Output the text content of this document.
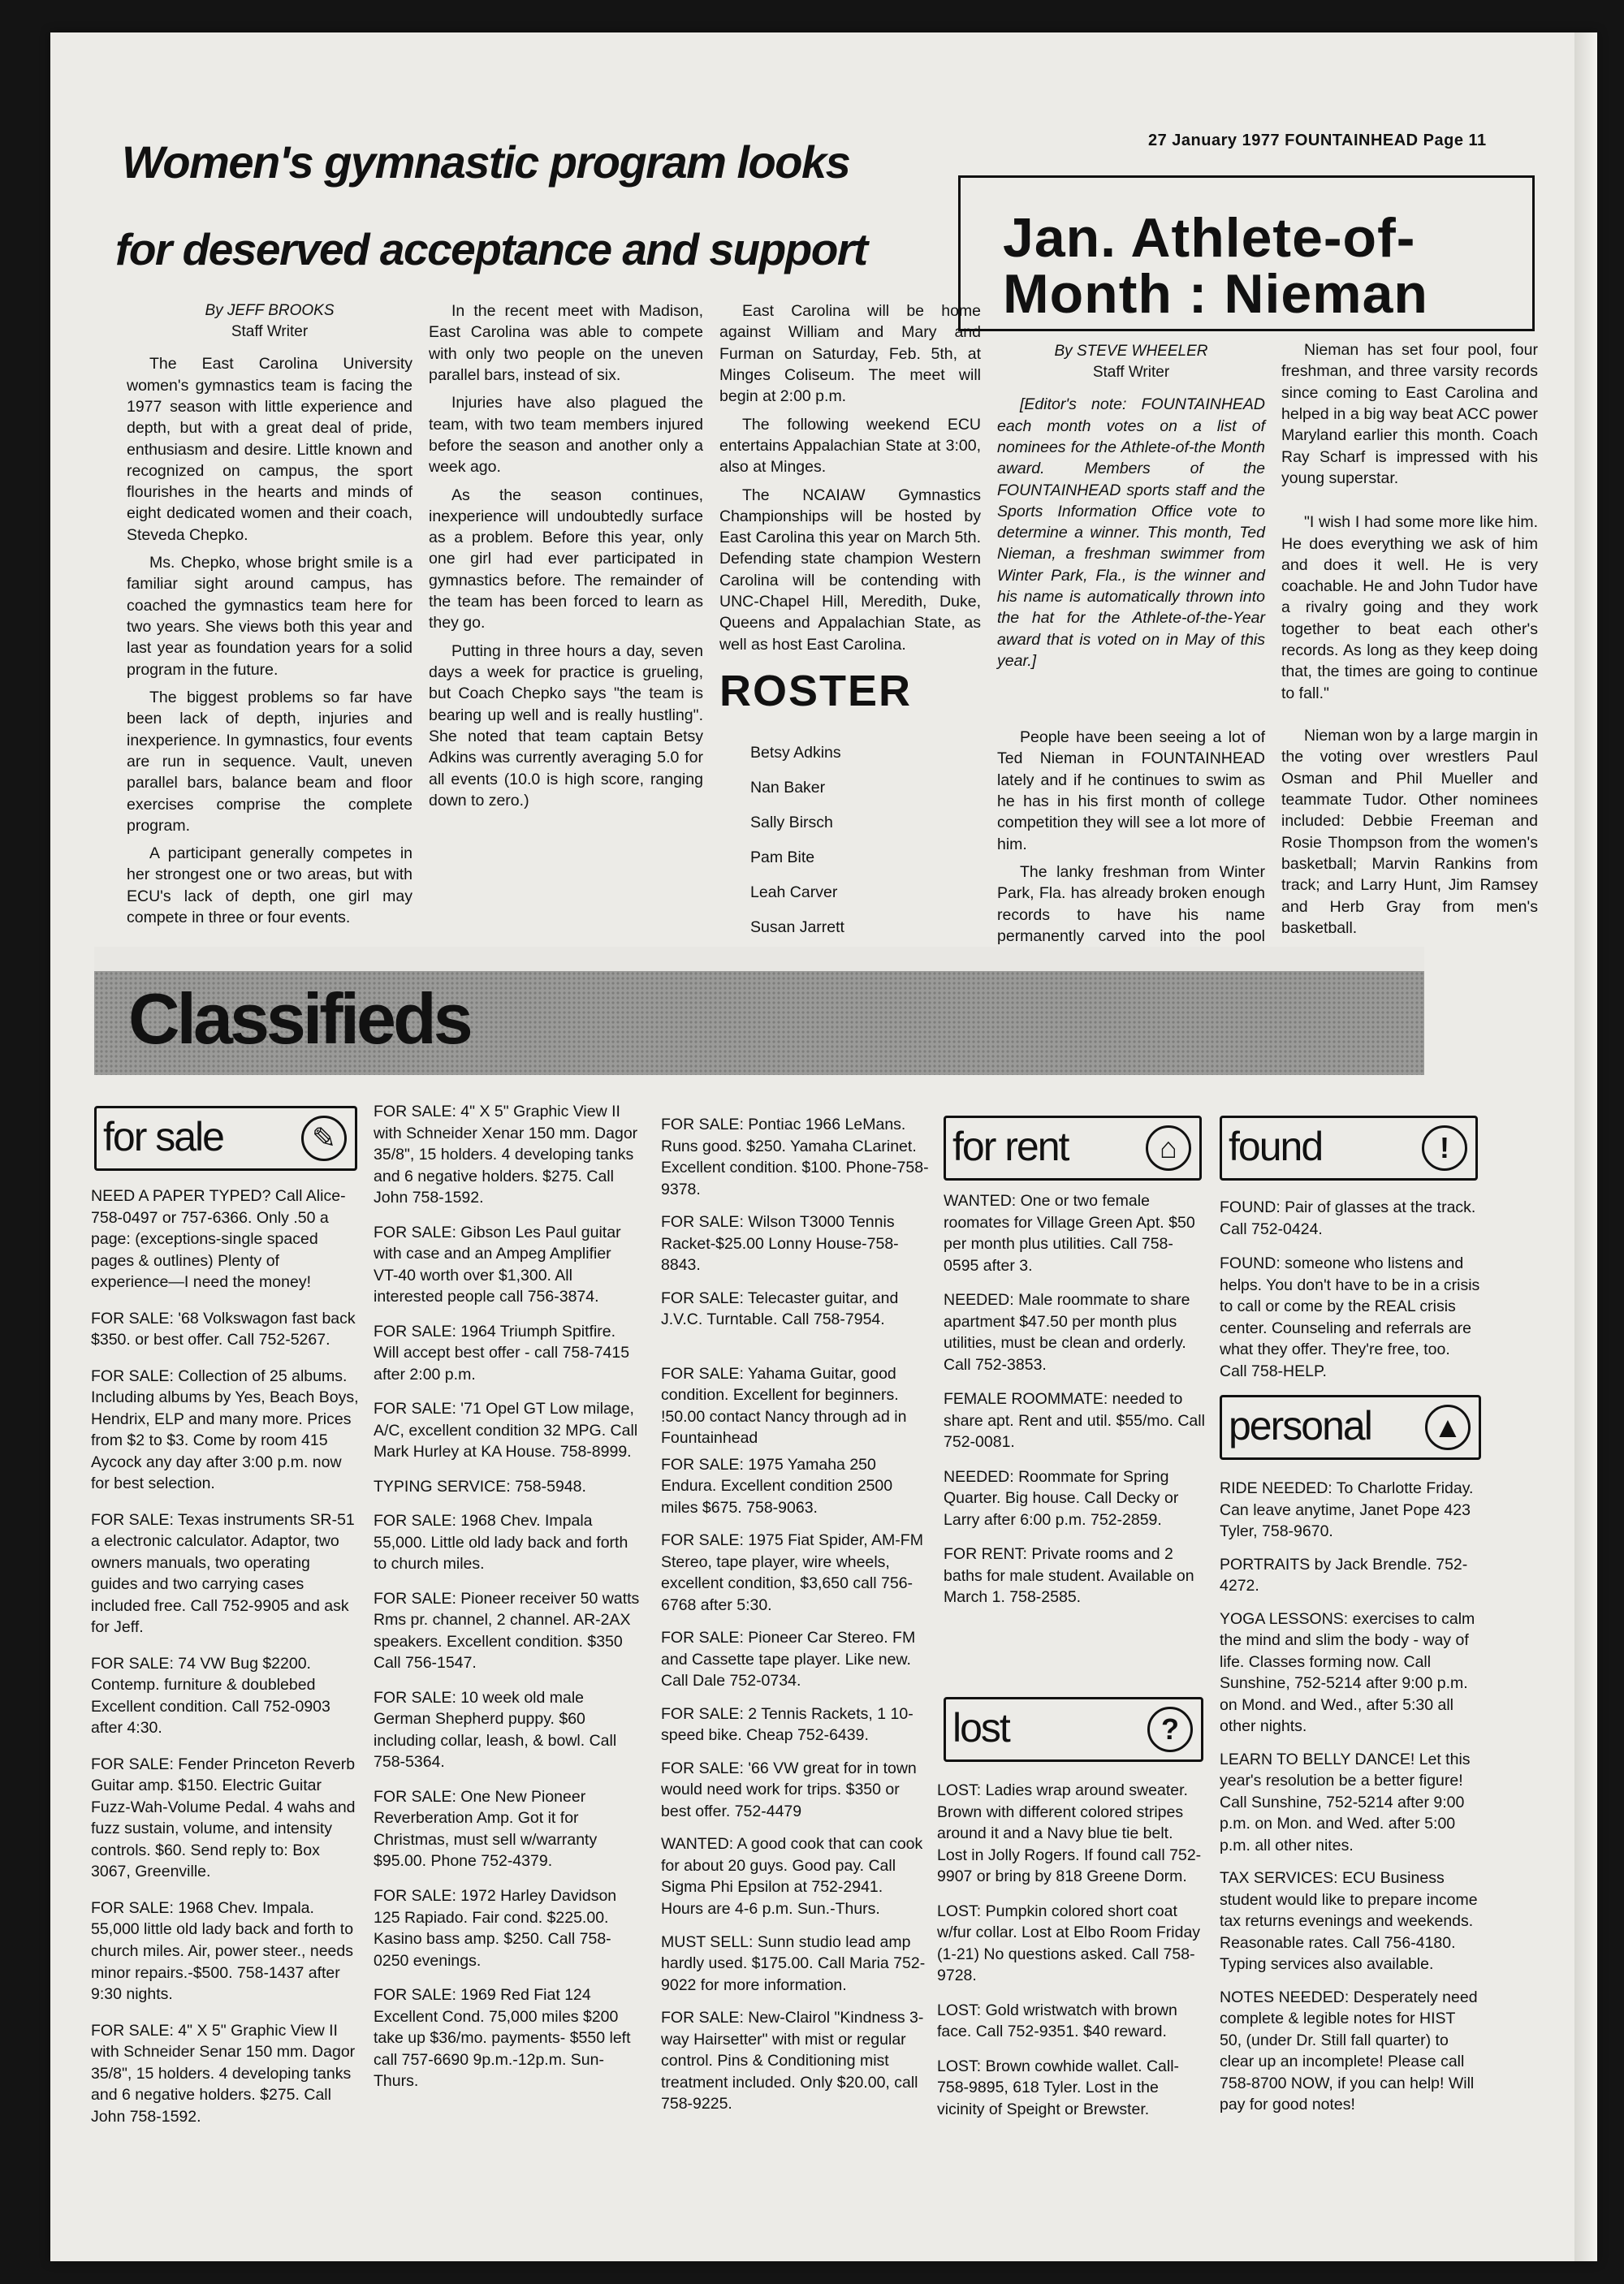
27 January 1977 FOUNTAINHEAD Page 11

Women's gymnastic program looks
for deserved acceptance and support	Jan. Athlete-of-
Month : Nieman
By JEFF BROOKS
Staff Writer

The East Carolina University women's gymnastics team is facing the 1977 season with little experience and depth, but with a great deal of pride, enthusiasm and desire. Little known and recognized on campus, the sport flourishes in the hearts and minds of eight dedicated women and their coach, Steveda Chepko.

Ms. Chepko, whose bright smile is a familiar sight around campus, has coached the gymnastics team here for two years. She views both this year and last year as foundation years for a solid program in the future.

The biggest problems so far have been lack of depth, injuries and inexperience. In gymnastics, four events are run in sequence. Vault, uneven parallel bars, balance beam and floor exercises comprise the complete program.

A participant generally competes in her strongest one or two areas, but with ECU's lack of depth, one girl may compete in three or four events.

In the recent meet with Madison, East Carolina was able to compete with only two people on the uneven parallel bars, instead of six.

Injuries have also plagued the team, with two team members injured before the season and another only a week ago.

As the season continues, inexperience will undoubtedly surface as a problem. Before this year, only one girl had ever participated in gymnastics before. The remainder of the team has been forced to learn as they go.

Putting in three hours a day, seven days a week for practice is grueling, but Coach Chepko says "the team is bearing up well and is really hustling". She noted that team captain Betsy Adkins was currently averaging 5.0 for all events (10.0 is high score, ranging down to zero.)

East Carolina will be home against William and Mary and Furman on Saturday, Feb. 5th, at Minges Coliseum. The meet will begin at 2:00 p.m.

The following weekend ECU entertains Appalachian State at 3:00, also at Minges.

The NCAIAW Gymnastics Championships will be hosted by East Carolina this year on March 5th. Defending state champion Western Carolina will be contending with UNC-Chapel Hill, Meredith, Duke, Queens and Appalachian State, as well as host East Carolina.

ROSTER
Betsy Adkins
Nan Baker
Sally Birsch
Pam Bite
Leah Carver
Susan Jarrett
By STEVE WHEELER
Staff Writer

[Editor's note: FOUNTAINHEAD each month votes on a list of nominees for the Athlete-of-the Month award. Members of the FOUNTAINHEAD sports staff and the Sports Information Office vote to determine a winner. This month, Ted Nieman, a freshman swimmer from Winter Park, Fla., is the winner and his name is automatically thrown into the hat for the Athlete-of-the-Year award that is voted on in May of this year.]

People have been seeing a lot of Ted Nieman in FOUNTAINHEAD lately and if he continues to swim as he has in his first month of college competition they will see a lot more of him.

The lanky freshman from Winter Park, Fla. has already broken enough records to have his name permanently carved into the pool

Nieman has set four pool, four freshman, and three varsity records since coming to East Carolina and helped in a big way beat ACC power Maryland earlier this month. Coach Ray Scharf is impressed with his young superstar.

"I wish I had some more like him. He does everything we ask of him and does it well. He is very coachable. He and John Tudor have a rivalry going and they work together to beat each other's records. As long as they keep doing that, the times are going to continue to fall."

Nieman won by a large margin in the voting over wrestlers Paul Osman and Phil Mueller and teammate Tudor. Other nominees included: Debbie Freeman and Rosie Thompson from the women's basketball; Marvin Rankins from track; and Larry Hunt, Jim Ramsey and Herb Gray from men's basketball.

Classifieds
for sale	✎

NEED A PAPER TYPED? Call Alice-758-0497 or 757-6366. Only .50 a page: (exceptions-single spaced pages & outlines) Plenty of experience—I need the money!

FOR SALE: '68 Volkswagon fast back $350. or best offer. Call 752-5267.

FOR SALE: Collection of 25 albums. Including albums by Yes, Beach Boys, Hendrix, ELP and many more. Prices from $2 to $3. Come by room 415 Aycock any day after 3:00 p.m. now for best selection.

FOR SALE: Texas instruments SR-51 a electronic calculator. Adaptor, two owners manuals, two operating guides and two carrying cases included free. Call 752-9905 and ask for Jeff.

FOR SALE: 74 VW Bug $2200. Contemp. furniture & doublebed Excellent condition. Call 752-0903 after 4:30.

FOR SALE: Fender Princeton Reverb Guitar amp. $150. Electric Guitar Fuzz-Wah-Volume Pedal. 4 wahs and fuzz sustain, volume, and intensity controls. $60. Send reply to: Box 3067, Greenville.

FOR SALE: 1968 Chev. Impala. 55,000 little old lady back and forth to church miles. Air, power steer., needs minor repairs.-$500. 758-1437 after 9:30 nights.

FOR SALE: 4" X 5" Graphic View II with Schneider Senar 150 mm. Dagor 35/8", 15 holders. 4 developing tanks and 6 negative holders. $275. Call John 758-1592.

FOR SALE: 4" X 5" Graphic View II with Schneider Xenar 150 mm. Dagor 35/8", 15 holders. 4 developing tanks and 6 negative holders. $275. Call John 758-1592.

FOR SALE: Gibson Les Paul guitar with case and an Ampeg Amplifier VT-40 worth over $1,300. All interested people call 756-3874.

FOR SALE: 1964 Triumph Spitfire. Will accept best offer - call 758-7415 after 2:00 p.m.

FOR SALE: '71 Opel GT Low milage, A/C, excellent condition 32 MPG. Call Mark Hurley at KA House. 758-8999.

TYPING SERVICE: 758-5948.

FOR SALE: 1968 Chev. Impala 55,000. Little old lady back and forth to church miles.

FOR SALE: Pioneer receiver 50 watts Rms pr. channel, 2 channel. AR-2AX speakers. Excellent condition. $350 Call 756-1547.

FOR SALE: 10 week old male German Shepherd puppy. $60 including collar, leash, & bowl. Call 758-5364.

FOR SALE: One New Pioneer Reverberation Amp. Got it for Christmas, must sell w/warranty $95.00. Phone 752-4379.

FOR SALE: 1972 Harley Davidson 125 Rapiado. Fair cond. $225.00. Kasino bass amp. $250. Call 758-0250 evenings.

FOR SALE: 1969 Red Fiat 124 Excellent Cond. 75,000 miles $200 take up $36/mo. payments- $550 left call 757-6690 9p.m.-12p.m. Sun-Thurs.

FOR SALE: Pontiac 1966 LeMans. Runs good. $250. Yamaha CLarinet. Excellent condition. $100. Phone-758-9378.

FOR SALE: Wilson T3000 Tennis Racket-$25.00 Lonny House-758-8843.

FOR SALE: Telecaster guitar, and J.V.C. Turntable. Call 758-7954.

FOR SALE: Yahama Guitar, good condition. Excellent for beginners. !50.00 contact Nancy through ad in Fountainhead

FOR SALE: 1975 Yamaha 250 Endura. Excellent condition 2500 miles $675. 758-9063.

FOR SALE: 1975 Fiat Spider, AM-FM Stereo, tape player, wire wheels, excellent condition, $3,650 call 756-6768 after 5:30.

FOR SALE: Pioneer Car Stereo. FM and Cassette tape player. Like new. Call Dale 752-0734.

FOR SALE: 2 Tennis Rackets, 1 10-speed bike. Cheap 752-6439.

FOR SALE: '66 VW great for in town would need work for trips. $350 or best offer. 752-4479

WANTED: A good cook that can cook for about 20 guys. Good pay. Call Sigma Phi Epsilon at 752-2941. Hours are 4-6 p.m. Sun.-Thurs.

MUST SELL: Sunn studio lead amp hardly used. $175.00. Call Maria 752-9022 for more information.

FOR SALE: New-Clairol "Kindness 3-way Hairsetter" with mist or regular control. Pins & Conditioning mist treatment included. Only $20.00, call 758-9225.

for rent	⌂

WANTED: One or two female roomates for Village Green Apt. $50 per month plus utilities. Call 758-0595 after 3.

NEEDED: Male roommate to share apartment $47.50 per month plus utilities, must be clean and orderly. Call 752-3853.

FEMALE ROOMMATE: needed to share apt. Rent and util. $55/mo. Call 752-0081.

NEEDED: Roommate for Spring Quarter. Big house. Call Decky or Larry after 6:00 p.m. 752-2859.

FOR RENT: Private rooms and 2 baths for male student. Available on March 1. 758-2585.

lost	?

LOST: Ladies wrap around sweater. Brown with different colored stripes around it and a Navy blue tie belt. Lost in Jolly Rogers. If found call 752-9907 or bring by 818 Greene Dorm.

LOST: Pumpkin colored short coat w/fur collar. Lost at Elbo Room Friday (1-21) No questions asked. Call 758-9728.

LOST: Gold wristwatch with brown face. Call 752-9351. $40 reward.

LOST: Brown cowhide wallet. Call-758-9895, 618 Tyler. Lost in the vicinity of Speight or Brewster.

found	!

FOUND: Pair of glasses at the track. Call 752-0424.

FOUND: someone who listens and helps. You don't have to be in a crisis to call or come by the REAL crisis center. Counseling and referrals are what they offer. They're free, too. Call 758-HELP.

personal ▲

RIDE NEEDED: To Charlotte Friday. Can leave anytime, Janet Pope 423 Tyler, 758-9670.

PORTRAITS by Jack Brendle. 752-4272.

YOGA LESSONS: exercises to calm the mind and slim the body - way of life. Classes forming now. Call Sunshine, 752-5214 after 9:00 p.m. on Mond. and Wed., after 5:30 all other nights.

LEARN TO BELLY DANCE! Let this year's resolution be a better figure! Call Sunshine, 752-5214 after 9:00 p.m. on Mon. and Wed. after 5:00 p.m. all other nites.

TAX SERVICES: ECU Business student would like to prepare income tax returns evenings and weekends. Reasonable rates. Call 756-4180. Typing services also available.

NOTES NEEDED: Desperately need complete & legible notes for HIST 50, (under Dr. Still fall quarter) to clear up an incomplete! Please call 758-8700 NOW, if you can help! Will pay for good notes!
